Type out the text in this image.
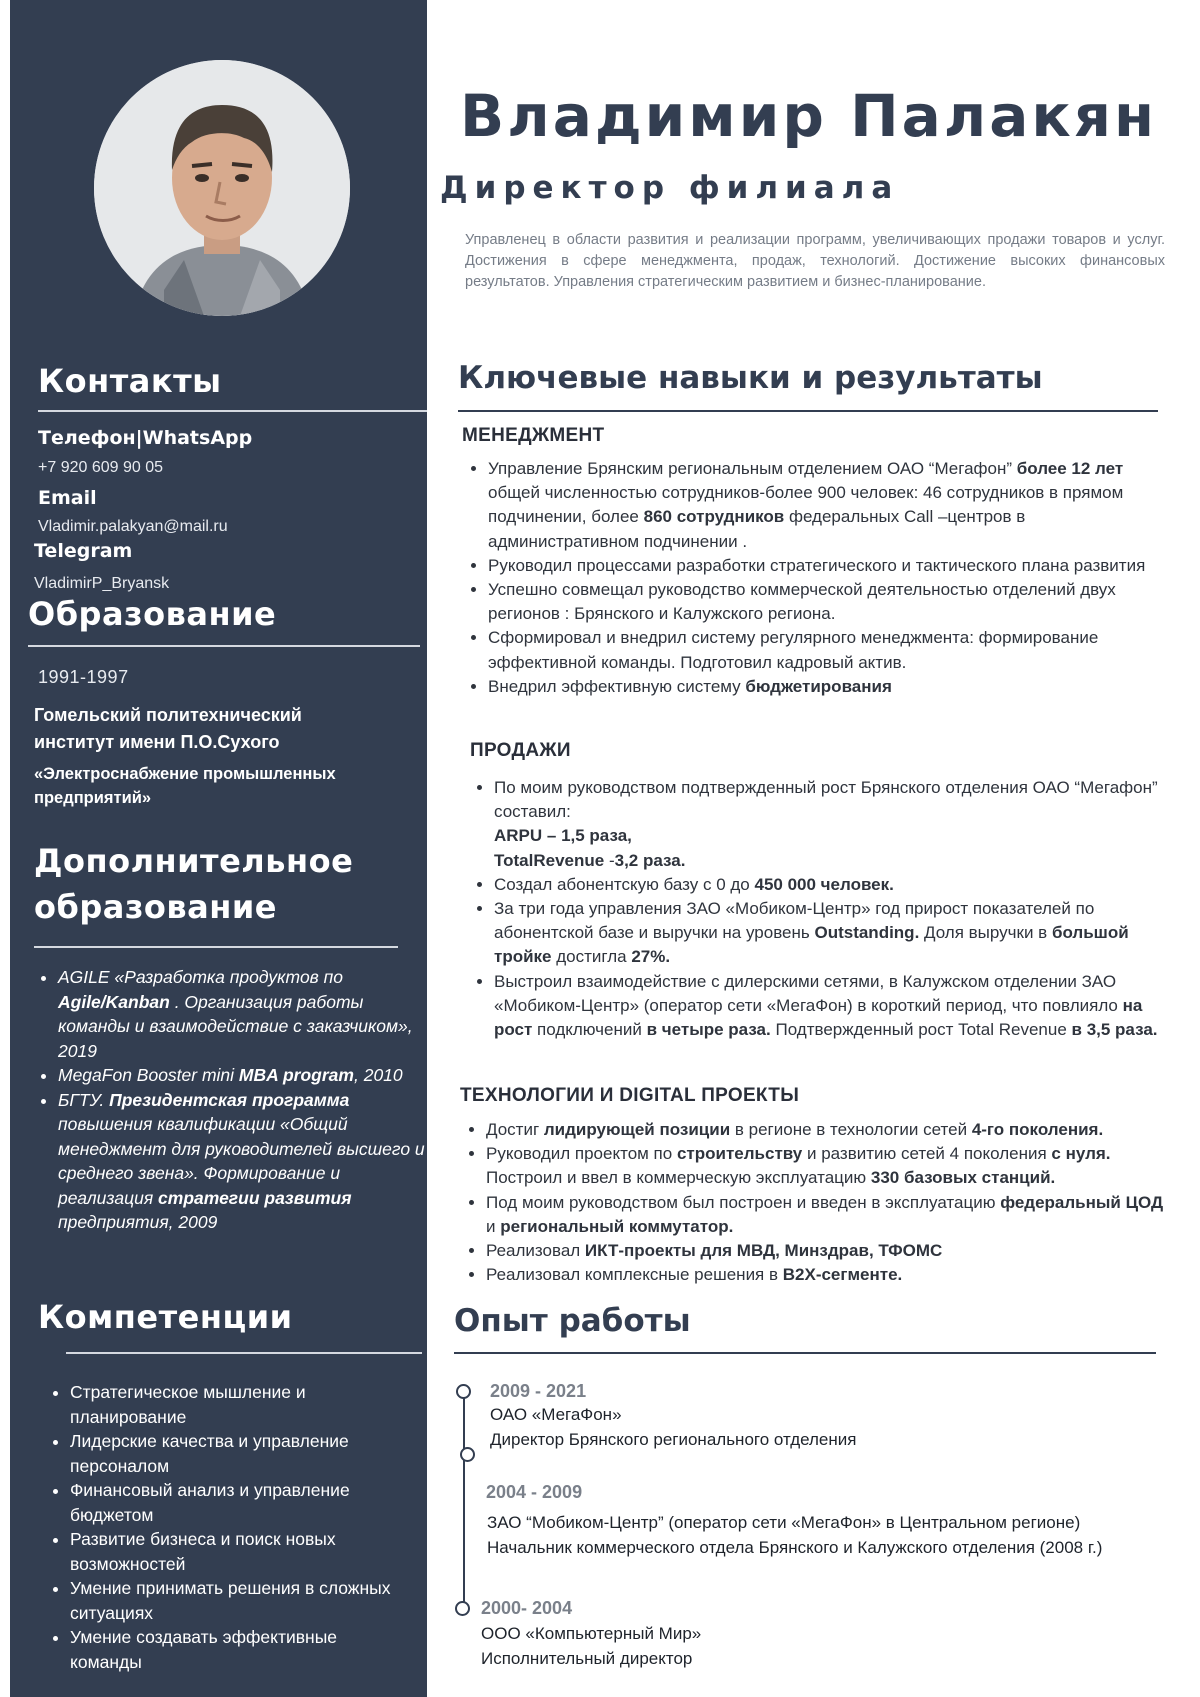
Контакты
Телефон|WhatsApp
+7 920 609 90 05
Email
Vladimir.palakyan@mail.ru
Telegram
VladimirP_Bryansk
Образование
1991-1997
Гомельский политехнический
институт имени П.О.Сухого
«Электроснабжение промышленных
предприятий»
Дополнительное
образование
• AGILE «Разработка продуктов по Agile/Kanban . Организация работы команды и взаимодействие с заказчиком», 2019
• MegaFon Booster mini MBA program, 2010
• БГТУ. Президентская программа повышения квалификации «Общий менеджмент для руководителей высшего и среднего звена». Формирование и реализация стратегии развития предприятия, 2009
Компетенции
• Стратегическое мышление и планирование
• Лидерские качества и управление персоналом
• Финансовый анализ и управление бюджетом
• Развитие бизнеса и поиск новых возможностей
• Умение принимать решения в сложных ситуациях
• Умение создавать эффективные команды
Владимир Палакян
Директор филиала

Управленец в области развития и реализации программ, увеличивающих продажи товаров и услуг. Достижения в сфере менеджмента, продаж, технологий. Достижение высоких финансовых результатов. Управления стратегическим развитием и бизнес-планирование.

Ключевые навыки и результаты
МЕНЕДЖМЕНТ
• Управление Брянским региональным отделением ОАО “Мегафон” более 12 лет общей численностью сотрудников-более 900 человек: 46 сотрудников в прямом подчинении, более 860 сотрудников федеральных Call –центров в административном подчинении .
• Руководил процессами разработки стратегического и тактического плана развития
• Успешно совмещал руководство коммерческой деятельностью отделений двух регионов : Брянского и Калужского региона.
• Сформировал и внедрил систему регулярного менеджмента: формирование эффективной команды. Подготовил кадровый актив.
• Внедрил эффективную систему бюджетирования
ПРОДАЖИ
• По моим руководством подтвержденный рост Брянского отделения ОАО “Мегафон” составил:
ARPU – 1,5 раза,
TotalRevenue -3,2 раза.
• Создал абонентскую базу с 0 до 450 000 человек.
• За три года управления ЗАО «Мобиком-Центр» год прирост показателей по абонентской базе и выручки на уровень Outstanding. Доля выручки в большой тройке достигла 27%.
• Выстроил взаимодействие с дилерскими сетями, в Калужском отделении ЗАО «Мобиком-Центр» (оператор сети «МегаФон) в короткий период, что повлияло на рост подключений в четыре раза. Подтвержденный рост Total Revenue в 3,5 раза.
ТЕХНОЛОГИИ И DIGITAL ПРОЕКТЫ
• Достиг лидирующей позиции в регионе в технологии сетей 4-го поколения.
• Руководил проектом по строительству и развитию сетей 4 поколения с нуля. Построил и ввел в коммерческую эксплуатацию 330 базовых станций.
• Под моим руководством был построен и введен в эксплуатацию федеральный ЦОД и региональный коммутатор.
• Реализовал ИКТ-проекты для МВД, Минздрав, ТФОМС
• Реализовал комплексные решения в B2X-сегменте.
Опыт работы

2009 - 2021

ОАО «МегаФон»

Директор Брянского регионального отделения

2004 - 2009

ЗАО “Мобиком-Центр” (оператор сети «МегаФон» в Центральном регионе)

Начальник коммерческого отдела Брянского и Калужского отделения (2008 г.)

2000- 2004

ООО «Компьютерный Мир»

Исполнительный директор
